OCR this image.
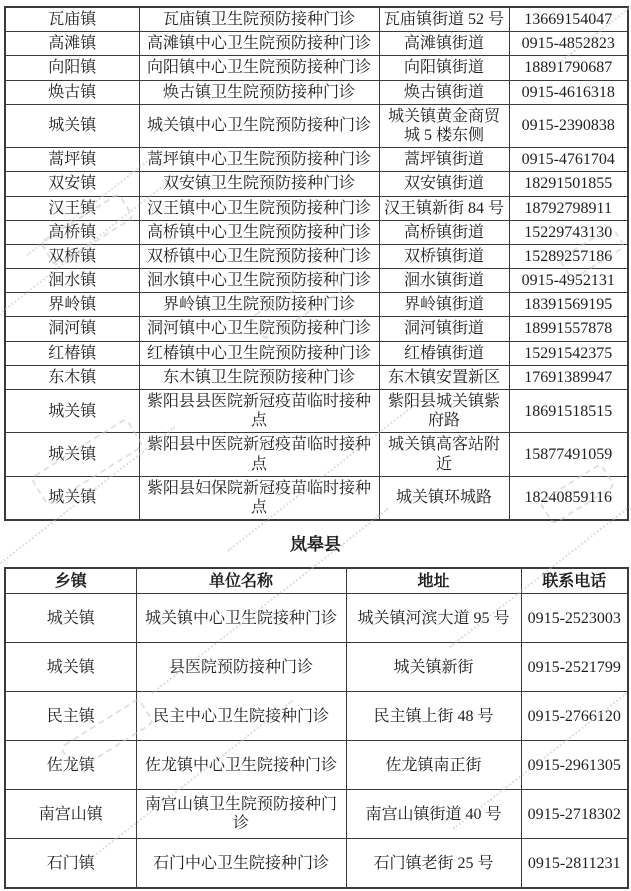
瓦庙镇	瓦庙镇卫生院预防接种门诊	瓦庙镇街道 52 号	13669154047
高滩镇	高滩镇中心卫生院预防接种门诊	高滩镇街道	0915-4852823
向阳镇	向阳镇中心卫生院预防接种门诊	向阳镇街道	18891790687
焕古镇	焕古镇卫生院预防接种门诊	焕古镇街道	0915-4616318
城关镇	城关镇中心卫生院预防接种门诊	城关镇黄金商贸城 5 楼东侧	0915-2390838
蒿坪镇	蒿坪镇中心卫生院预防接种门诊	蒿坪镇街道	0915-4761704
双安镇	双安镇卫生院预防接种门诊	双安镇街道	18291501855
汉王镇	汉王镇中心卫生院预防接种门诊	汉王镇新街 84 号	18792798911
高桥镇	高桥镇中心卫生院预防接种门诊	高桥镇街道	15229743130
双桥镇	双桥镇中心卫生院预防接种门诊	双桥镇街道	15289257186
洄水镇	洄水镇中心卫生院预防接种门诊	洄水镇街道	0915-4952131
界岭镇	界岭镇卫生院预防接种门诊	界岭镇街道	18391569195
洞河镇	洞河镇中心卫生院预防接种门诊	洞河镇街道	18991557878
红椿镇	红椿镇中心卫生院预防接种门诊	红椿镇街道	15291542375
东木镇	东木镇卫生院预防接种门诊	东木镇安置新区	17691389947
城关镇	紫阳县县医院新冠疫苗临时接种点	紫阳县城关镇紫府路	18691518515
城关镇	紫阳县中医院新冠疫苗临时接种点	城关镇高客站附近	15877491059
城关镇	紫阳县妇保院新冠疫苗临时接种点	城关镇环城路	18240859116
岚皋县
乡镇	单位名称	地址	联系电话
城关镇	城关镇中心卫生院接种门诊	城关镇河滨大道 95 号	0915-2523003
城关镇	县医院预防接种门诊	城关镇新街	0915-2521799
民主镇	民主中心卫生院接种门诊	民主镇上街 48 号	0915-2766120
佐龙镇	佐龙镇中心卫生院接种门诊	佐龙镇南正街	0915-2961305
南宫山镇	南宫山镇卫生院预防接种门诊	南宫山镇街道 40 号	0915-2718302
石门镇	石门中心卫生院接种门诊	石门镇老街 25 号	0915-2811231
